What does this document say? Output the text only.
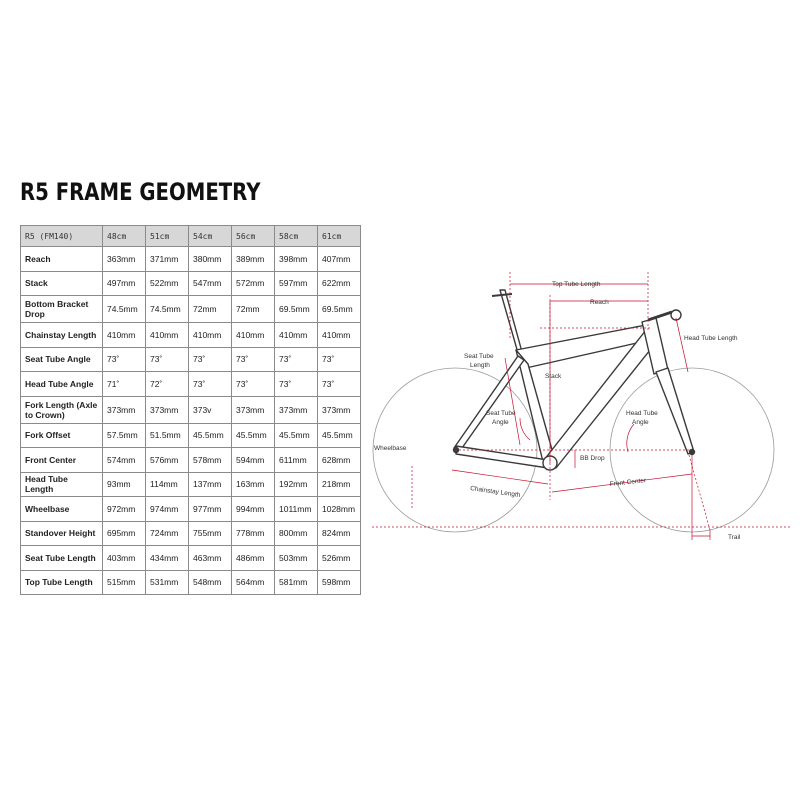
R5 FRAME GEOMETRY
R5 (FM140)	48cm	51cm	54cm	56cm	58cm	61cm
Reach	363mm	371mm	380mm	389mm	398mm	407mm
Stack	497mm	522mm	547mm	572mm	597mm	622mm
Bottom Bracket Drop	74.5mm	74.5mm	72mm	72mm	69.5mm	69.5mm
Chainstay Length	410mm	410mm	410mm	410mm	410mm	410mm
Seat Tube Angle	73˚	73˚	73˚	73˚	73˚	73˚
Head Tube Angle	71˚	72˚	73˚	73˚	73˚	73˚
Fork Length (Axle to Crown)	373mm	373mm	373v	373mm	373mm	373mm
Fork Offset	57.5mm	51.5mm	45.5mm	45.5mm	45.5mm	45.5mm
Front Center	574mm	576mm	578mm	594mm	611mm	628mm
Head Tube Length	93mm	114mm	137mm	163mm	192mm	218mm
Wheelbase	972mm	974mm	977mm	994mm	1011mm	1028mm
Standover Height	695mm	724mm	755mm	778mm	800mm	824mm
Seat Tube Length	403mm	434mm	463mm	486mm	503mm	526mm
Top Tube Length	515mm	531mm	548mm	564mm	581mm	598mm
Top Tube Length
Reach
Head Tube Length
Seat Tube
Length
Stack
Seat Tube
Angle
Head Tube
Angle
Wheelbase
BB Drop
Chainstay Length
Front Center
Trail
